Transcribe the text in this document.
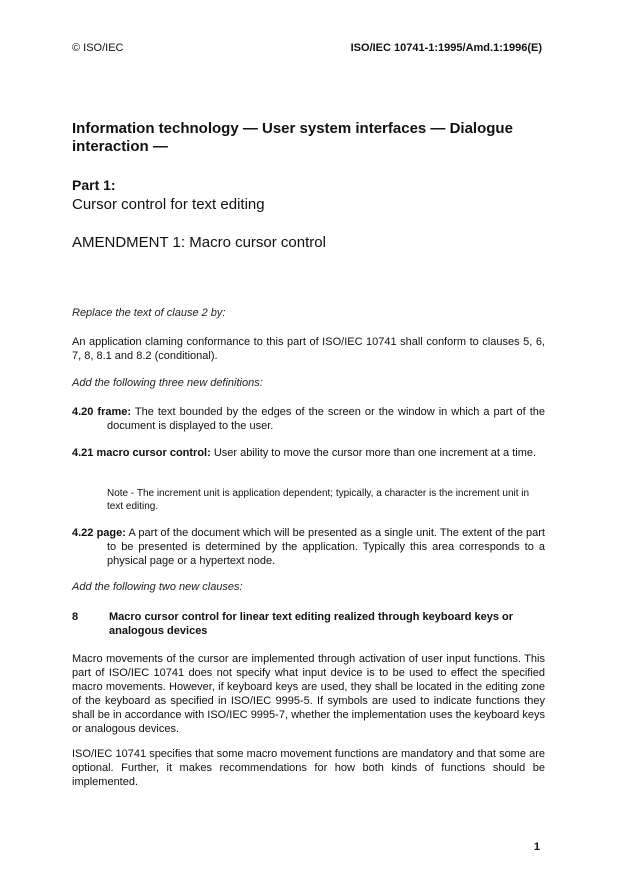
© ISO/IEC	ISO/IEC 10741-1:1995/Amd.1:1996(E)
Information technology — User system interfaces — Dialogue interaction —
Part 1:
Cursor control for text editing
AMENDMENT 1: Macro cursor control
Replace the text of clause 2 by:
An application claming conformance to this part of ISO/IEC 10741 shall conform to clauses 5, 6, 7, 8, 8.1 and 8.2 (conditional).
Add the following three new definitions:
4.20 frame: The text bounded by the edges of the screen or the window in which a part of the document is displayed to the user.
4.21 macro cursor control: User ability to move the cursor more than one increment at a time.
Note - The increment unit is application dependent; typically, a character is the increment unit in text editing.
4.22 page: A part of the document which will be presented as a single unit. The extent of the part to be presented is determined by the application. Typically this area corresponds to a physical page or a hypertext node.
Add the following two new clauses:
8	Macro cursor control for linear text editing realized through keyboard keys or analogous devices
Macro movements of the cursor are implemented through activation of user input functions. This part of ISO/IEC 10741 does not specify what input device is to be used to effect the specified macro movements. However, if keyboard keys are used, they shall be located in the editing zone of the keyboard as specified in ISO/IEC 9995-5. If symbols are used to indicate functions they shall be in accordance with ISO/IEC 9995-7, whether the implementation uses the keyboard keys or analogous devices.
ISO/IEC 10741 specifies that some macro movement functions are mandatory and that some are optional. Further, it makes recommendations for how both kinds of functions should be implemented.
1
